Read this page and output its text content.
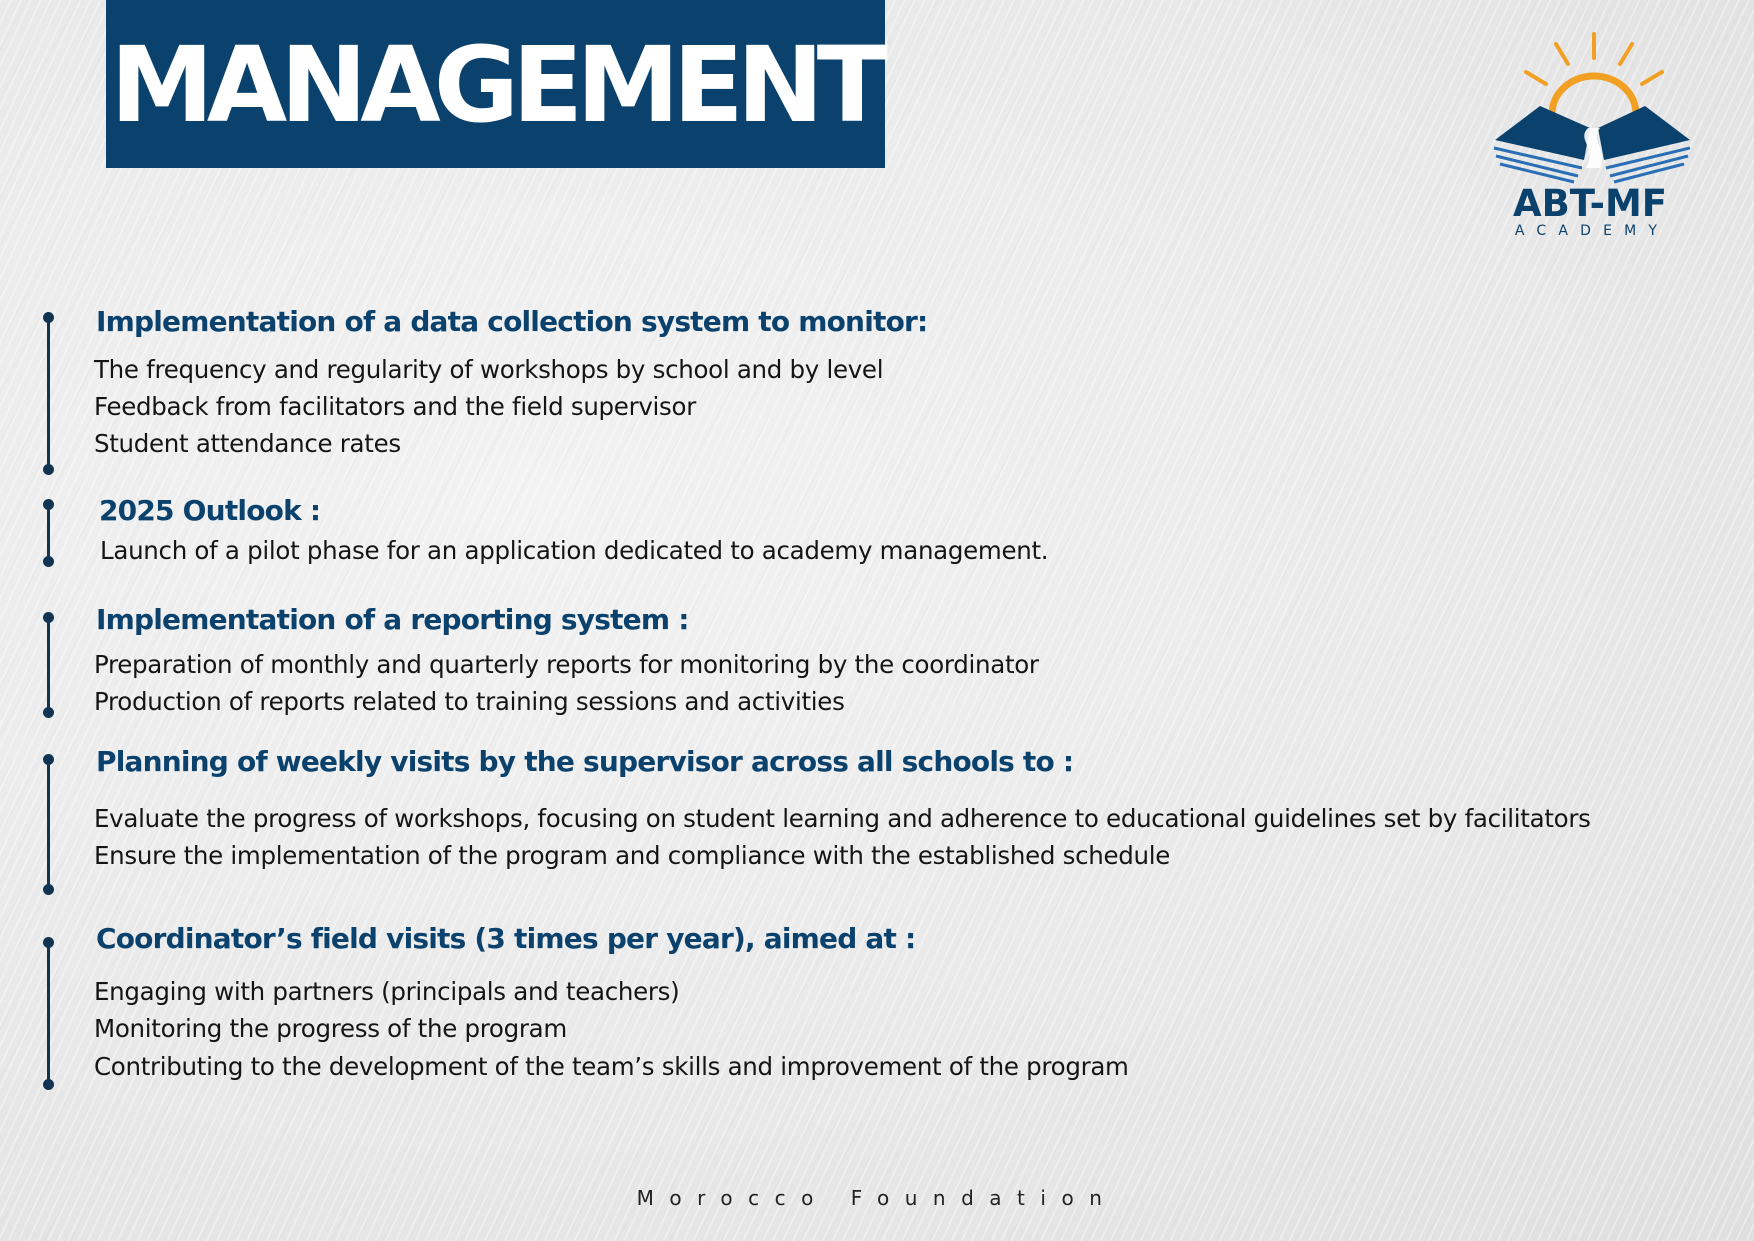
MANAGEMENT
ABT-MF
ACADEMY
Implementation of a data collection system to monitor:
The frequency and regularity of workshops by school and by level
Feedback from facilitators and the field supervisor
Student attendance rates
2025 Outlook :
Launch of a pilot phase for an application dedicated to academy management.
Implementation of a reporting system :
Preparation of monthly and quarterly reports for monitoring by the coordinator
Production of reports related to training sessions and activities
Planning of weekly visits by the supervisor across all schools to :
Evaluate the progress of workshops, focusing on student learning and adherence to educational guidelines set by facilitators
Ensure the implementation of the program and compliance with the established schedule
Coordinator’s field visits (3 times per year), aimed at :
Engaging with partners (principals and teachers)
Monitoring the progress of the program
Contributing to the development of the team’s skills and improvement of the program
Morocco Foundation
